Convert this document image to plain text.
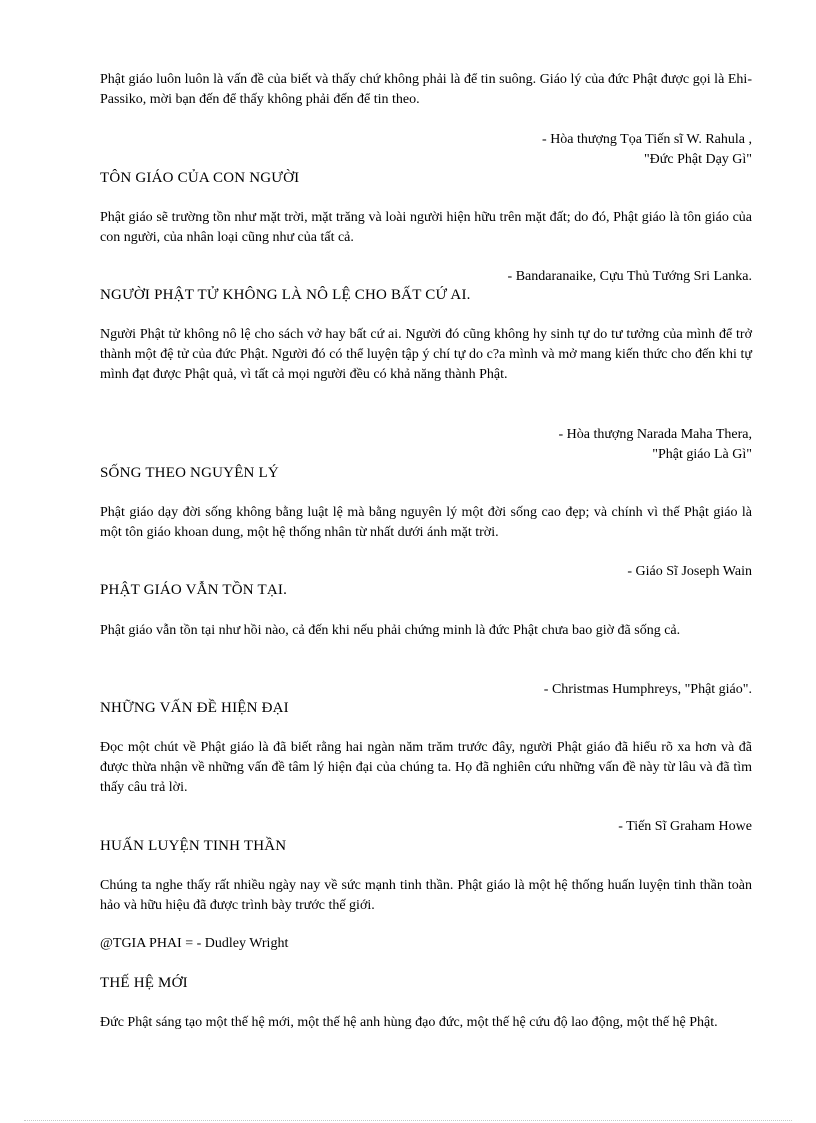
Phật giáo luôn luôn là vấn đề của biết và thấy chứ không phải là để tin suông. Giáo lý của đức Phật được gọi là Ehi- Passiko, mời bạn đến để thấy không phải đến để tin theo.

- Hòa thượng Tọa Tiến sĩ W. Rahula ,
"Đức Phật Dạy Gì"
TÔN GIÁO CỦA CON NGƯỜI

Phật giáo sẽ trường tồn như mặt trời, mặt trăng và loài người hiện hữu trên mặt đất; do đó, Phật giáo là tôn giáo của con người, của nhân loại cũng như của tất cả.

- Bandaranaike, Cựu Thủ Tướng Sri Lanka.
NGƯỜI PHẬT TỬ KHÔNG LÀ NÔ LỆ CHO BẤT CỨ AI.

Người Phật tử không nô lệ cho sách vở hay bất cứ ai. Người đó cũng không hy sinh tự do tư tưởng của mình để trở thành một đệ tử của đức Phật. Người đó có thể luyện tập ý chí tự do c?a mình và mở mang kiến thức cho đến khi tự mình đạt được Phật quả, vì tất cả mọi người đều có khả năng thành Phật.

- Hòa thượng Narada Maha Thera,
"Phật giáo Là Gì"
SỐNG THEO NGUYÊN LÝ

Phật giáo dạy đời sống không bằng luật lệ mà bằng nguyên lý một đời sống cao đẹp; và chính vì thế Phật giáo là một tôn giáo khoan dung, một hệ thống nhân từ nhất dưới ánh mặt trời.

- Giáo Sĩ Joseph Wain
PHẬT GIÁO VẪN TỒN TẠI.

Phật giáo vẫn tồn tại như hồi nào, cả đến khi nếu phải chứng minh là đức Phật chưa bao giờ đã sống cả.

- Christmas Humphreys, "Phật giáo".
NHỮNG VẤN ĐỀ HIỆN ĐẠI

Đọc một chút về Phật giáo là đã biết rằng hai ngàn năm trăm trước đây, người Phật giáo đã hiểu rõ xa hơn và đã được thừa nhận về những vấn đề tâm lý hiện đại của chúng ta. Họ đã nghiên cứu những vấn đề này từ lâu và đã tìm thấy câu trả lời.

- Tiến Sĩ Graham Howe
HUẤN LUYỆN TINH THẦN

Chúng ta nghe thấy rất nhiều ngày nay về sức mạnh tinh thần. Phật giáo là một hệ thống huấn luyện tinh thần toàn hảo và hữu hiệu đã được trình bày trước thế giới.

@TGIA PHAI = - Dudley Wright
THẾ HỆ MỚI

Đức Phật sáng tạo một thế hệ mới, một thế hệ anh hùng đạo đức, một thế hệ cứu độ lao động, một thế hệ Phật.
